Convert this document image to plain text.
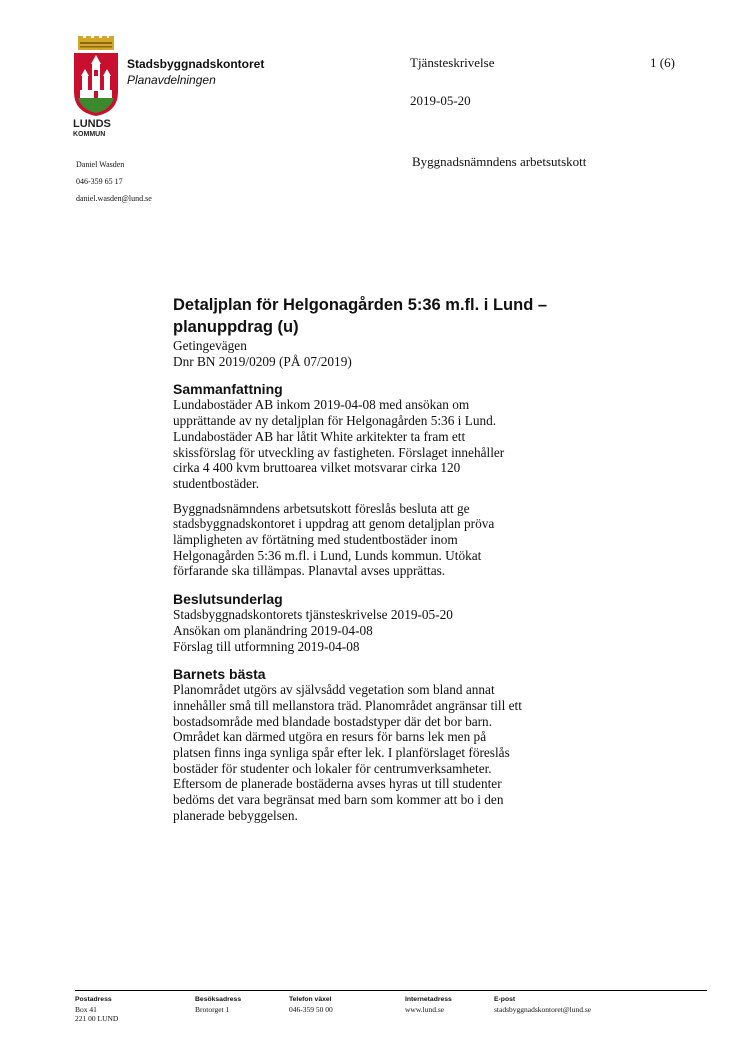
LUNDS
KOMMUN
Stadsbyggnadskontoret
Planavdelningen
Tjänsteskrivelse
2019-05-20
1 (6)
Byggnadsnämndens arbetsutskott
Daniel Wasden
046-359 65 17
daniel.wasden@lund.se
Detaljplan för Helgonagården 5:36 m.fl. i Lund –
planuppdrag (u)
Getingevägen
Dnr BN 2019/0209 (PÅ 07/2019)
Sammanfattning
Lundabostäder AB inkom 2019-04-08 med ansökan om
upprättande av ny detaljplan för Helgonagården 5:36 i Lund.
Lundabostäder AB har låtit White arkitekter ta fram ett
skissförslag för utveckling av fastigheten. Förslaget innehåller
cirka 4 400 kvm bruttoarea vilket motsvarar cirka 120
studentbostäder.
Byggnadsnämndens arbetsutskott föreslås besluta att ge
stadsbyggnadskontoret i uppdrag att genom detaljplan pröva
lämpligheten av förtätning med studentbostäder inom
Helgonagården 5:36 m.fl. i Lund, Lunds kommun. Utökat
förfarande ska tillämpas. Planavtal avses upprättas.
Beslutsunderlag
Stadsbyggnadskontorets tjänsteskrivelse 2019-05-20
Ansökan om planändring 2019-04-08
Förslag till utformning 2019-04-08
Barnets bästa
Planområdet utgörs av självsådd vegetation som bland annat
innehåller små till mellanstora träd. Planområdet angränsar till ett
bostadsområde med blandade bostadstyper där det bor barn.
Området kan därmed utgöra en resurs för barns lek men på
platsen finns inga synliga spår efter lek. I planförslaget föreslås
bostäder för studenter och lokaler för centrumverksamheter.
Eftersom de planerade bostäderna avses hyras ut till studenter
bedöms det vara begränsat med barn som kommer att bo i den
planerade bebyggelsen.
Postadress
Box 41
221 00 LUND
Besöksadress
Brotorget 1
Telefon växel
046-359 50 00
Internetadress
www.lund.se
E-post
stadsbyggnadskontoret@lund.se
